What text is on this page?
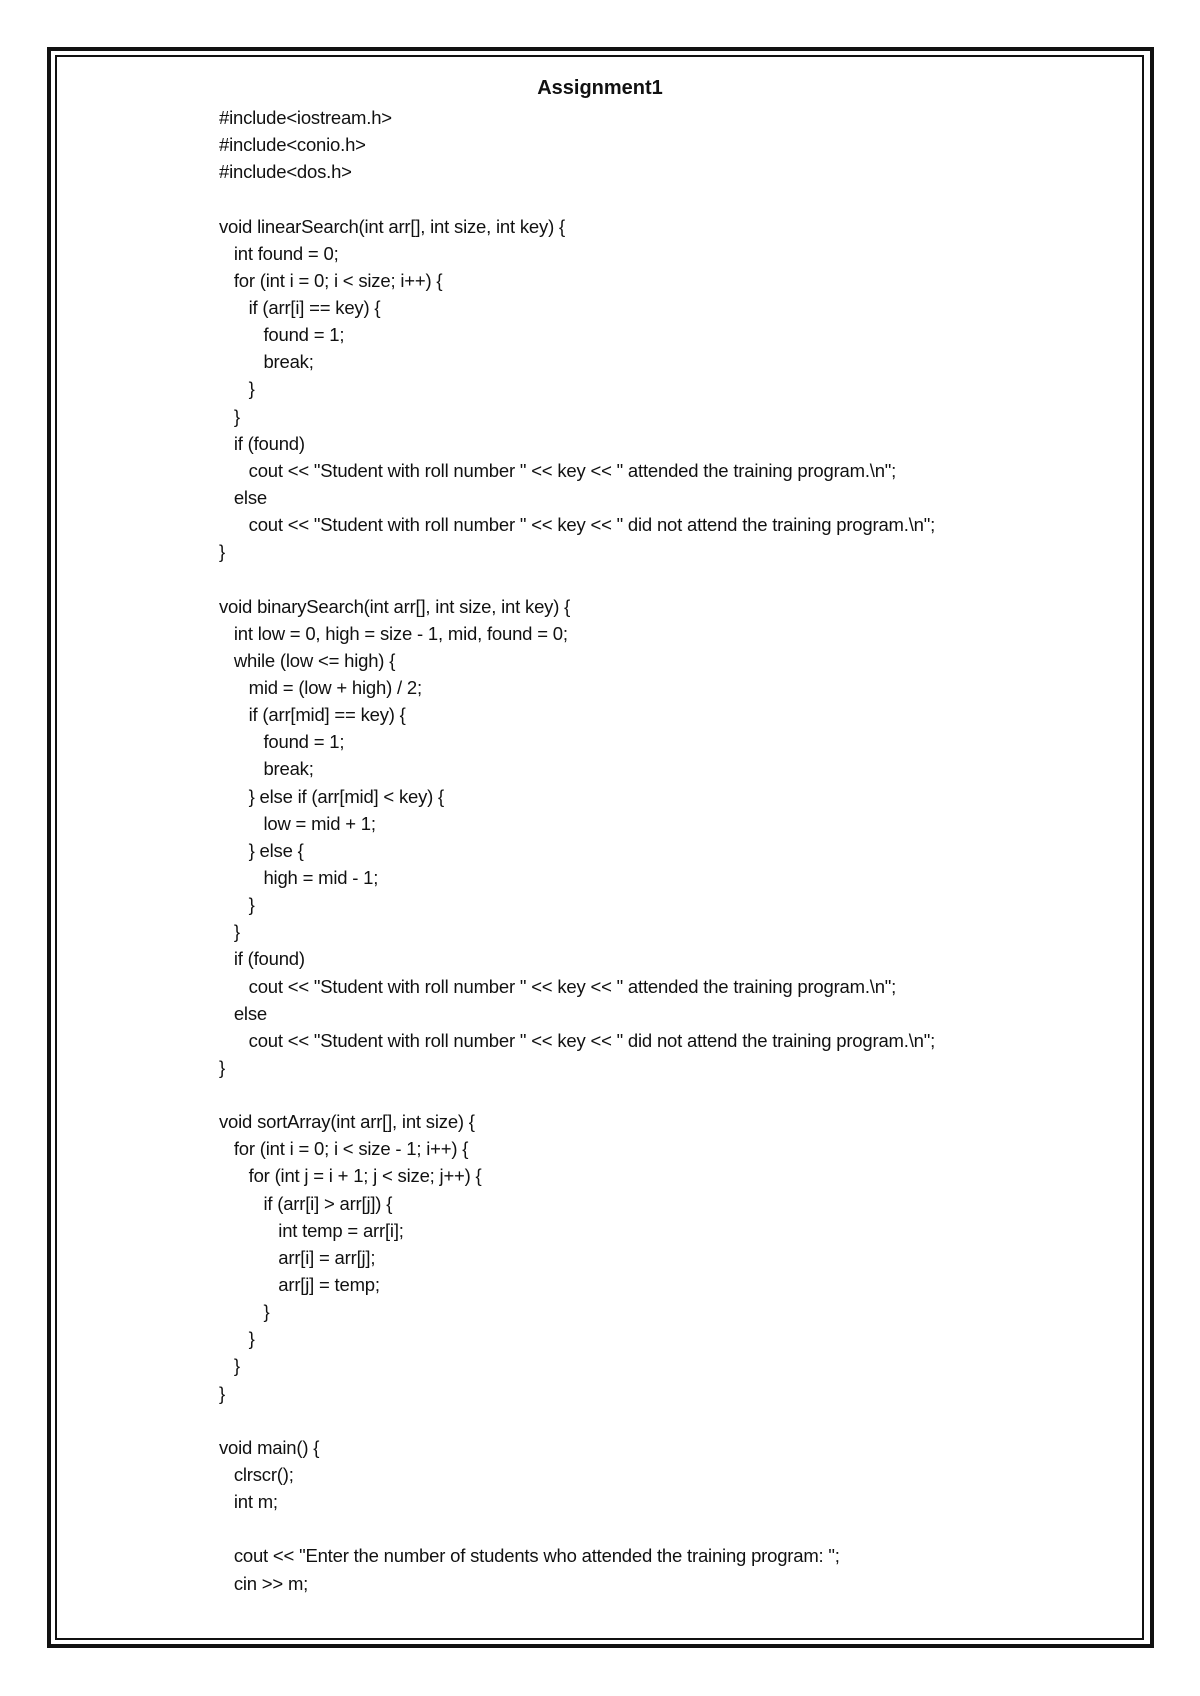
Assignment1
#include<iostream.h>
#include<conio.h>
#include<dos.h>
void linearSearch(int arr[], int size, int key) {
int found = 0;
for (int i = 0; i < size; i++) {
if (arr[i] == key) {
found = 1;
break;
}
}
if (found)
cout << "Student with roll number " << key << " attended the training program.\n";
else
cout << "Student with roll number " << key << " did not attend the training program.\n";
}
void binarySearch(int arr[], int size, int key) {
int low = 0, high = size - 1, mid, found = 0;
while (low <= high) {
mid = (low + high) / 2;
if (arr[mid] == key) {
found = 1;
break;
} else if (arr[mid] < key) {
low = mid + 1;
} else {
high = mid - 1;
}
}
if (found)
cout << "Student with roll number " << key << " attended the training program.\n";
else
cout << "Student with roll number " << key << " did not attend the training program.\n";
}
void sortArray(int arr[], int size) {
for (int i = 0; i < size - 1; i++) {
for (int j = i + 1; j < size; j++) {
if (arr[i] > arr[j]) {
int temp = arr[i];
arr[i] = arr[j];
arr[j] = temp;
}
}
}
}
void main() {
clrscr();
int m;
cout << "Enter the number of students who attended the training program: ";
cin >> m;
